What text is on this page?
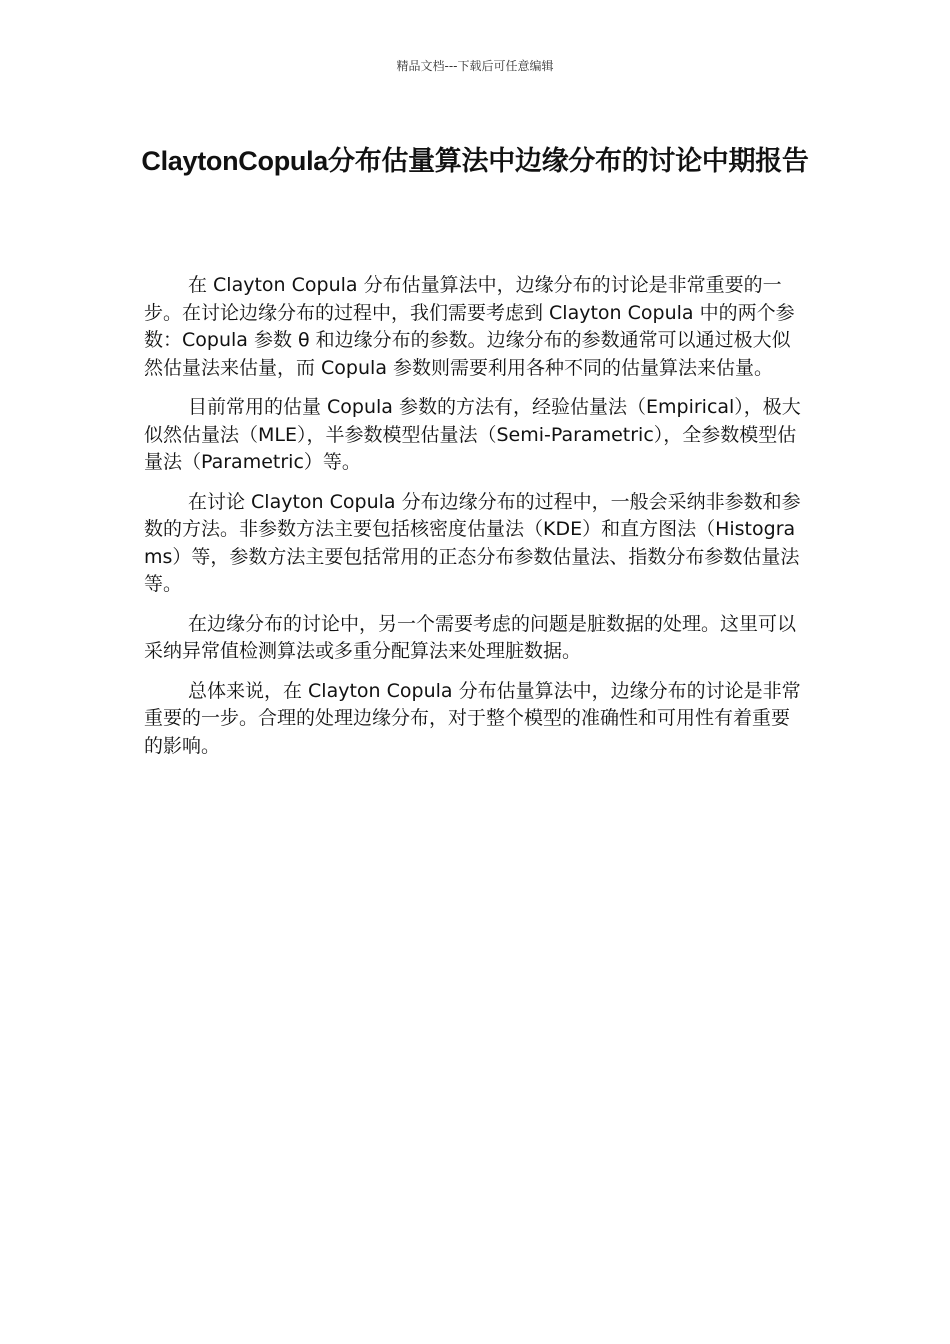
精品文档---下载后可任意编辑
ClaytonCopula分布估量算法中边缘分布的讨论中期报告

在 Clayton Copula 分布估量算法中，边缘分布的讨论是非常重要的一步。在讨论边缘分布的过程中，我们需要考虑到 Clayton Copula 中的两个参数：Copula 参数 θ 和边缘分布的参数。边缘分布的参数通常可以通过极大似然估量法来估量，而 Copula 参数则需要利用各种不同的估量算法来估量。

目前常用的估量 Copula 参数的方法有，经验估量法（Empirical），极大似然估量法（MLE），半参数模型估量法（Semi-Parametric），全参数模型估量法（Parametric）等。

在讨论 Clayton Copula 分布边缘分布的过程中，一般会采纳非参数和参数的方法。非参数方法主要包括核密度估量法（KDE）和直方图法（Histograms）等，参数方法主要包括常用的正态分布参数估量法、指数分布参数估量法等。

在边缘分布的讨论中，另一个需要考虑的问题是脏数据的处理。这里可以采纳异常值检测算法或多重分配算法来处理脏数据。

总体来说，在 Clayton Copula 分布估量算法中，边缘分布的讨论是非常重要的一步。合理的处理边缘分布，对于整个模型的准确性和可用性有着重要的影响。
